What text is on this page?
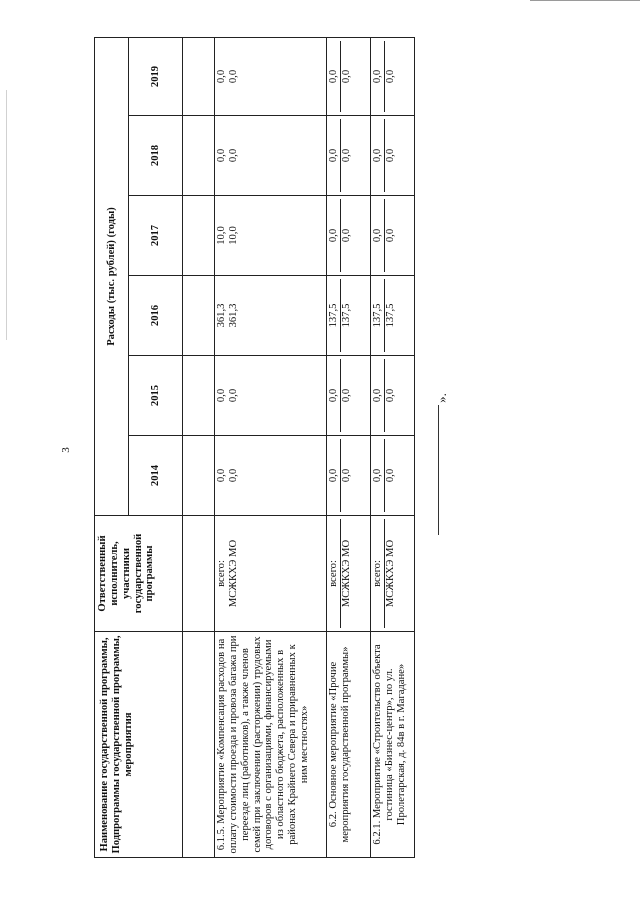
3
Наименование государственной программы, Подпрограммы государственной программы, мероприятия	Ответственный исполнитель, участники государственной программы	Расходы (тыс. рублей) (годы)					
		2014	2015	2016	2017	2018	2019

6.1.5. Мероприятие «Компенсация расходов на оплату стоимости проезда и провоза багажа при переезде лиц (работников), а также членов семей при заключении (расторжении) трудовых договоров с организациями, финансируемыми из областного бюджета, расположенных в районах Крайнего Севера и приравненных к ним местностях»	всего: МСЖКХЭ МО	0,0 0,0	0,0 0,0	361,3 361,3	10,0 10,0	0,0 0,0	0,0 0,0

6.2. Основное мероприятие «Прочие мероприятия государственной программы»	всего: МСЖКХЭ МО	0,0 0,0	0,0 0,0	137,5 137,5	0,0 0,0	0,0 0,0	0,0 0,0

6.2.1. Мероприятие «Строительство объекта гостиница «Бизнес-центр», по ул. Пролетарская, д. 84в в г. Магадане»	всего: МСЖКХЭ МО	0,0 0,0	0,0 0,0	137,5 137,5	0,0 0,0	0,0 0,0	0,0 0,0
».
